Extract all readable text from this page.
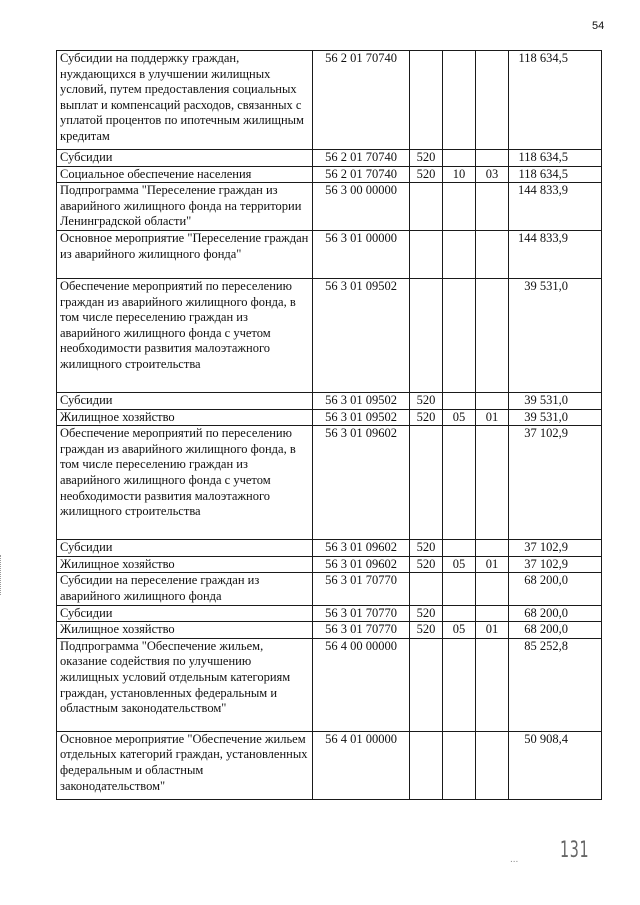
54
Субсидии на поддержку граждан, нуждающихся в улучшении жилищных условий, путем предоставления социальных выплат и компенсаций расходов, связанных с уплатой процентов по ипотечным жилищным кредитам	56 2 01 70740				118 634,5
Субсидии	56 2 01 70740	520			118 634,5
Социальное обеспечение населения	56 2 01 70740	520	10	03	118 634,5
Подпрограмма "Переселение граждан из аварийного жилищного фонда на территории Ленинградской области"	56 3 00 00000				144 833,9
Основное мероприятие "Переселение граждан из аварийного жилищного фонда"	56 3 01 00000				144 833,9
Обеспечение мероприятий по переселению граждан из аварийного жилищного фонда, в том числе переселению граждан из аварийного жилищного фонда с учетом необходимости развития малоэтажного жилищного строительства	56 3 01 09502				39 531,0
Субсидии	56 3 01 09502	520			39 531,0
Жилищное хозяйство	56 3 01 09502	520	05	01	39 531,0
Обеспечение мероприятий по переселению граждан из аварийного жилищного фонда, в том числе переселению граждан из аварийного жилищного фонда с учетом необходимости развития малоэтажного жилищного строительства	56 3 01 09602				37 102,9
Субсидии	56 3 01 09602	520			37 102,9
Жилищное хозяйство	56 3 01 09602	520	05	01	37 102,9
Субсидии на переселение граждан из аварийного жилищного фонда	56 3 01 70770				68 200,0
Субсидии	56 3 01 70770	520			68 200,0
Жилищное хозяйство	56 3 01 70770	520	05	01	68 200,0
Подпрограмма "Обеспечение жильем, оказание содействия по улучшению жилищных условий отдельным категориям граждан, установленных федеральным и областным законодательством"	56 4 00 00000				85 252,8
Основное мероприятие "Обеспечение жильем отдельных категорий граждан, установленных федеральным и областным законодательством"	56 4 01 00000				50 908,4
... 131
